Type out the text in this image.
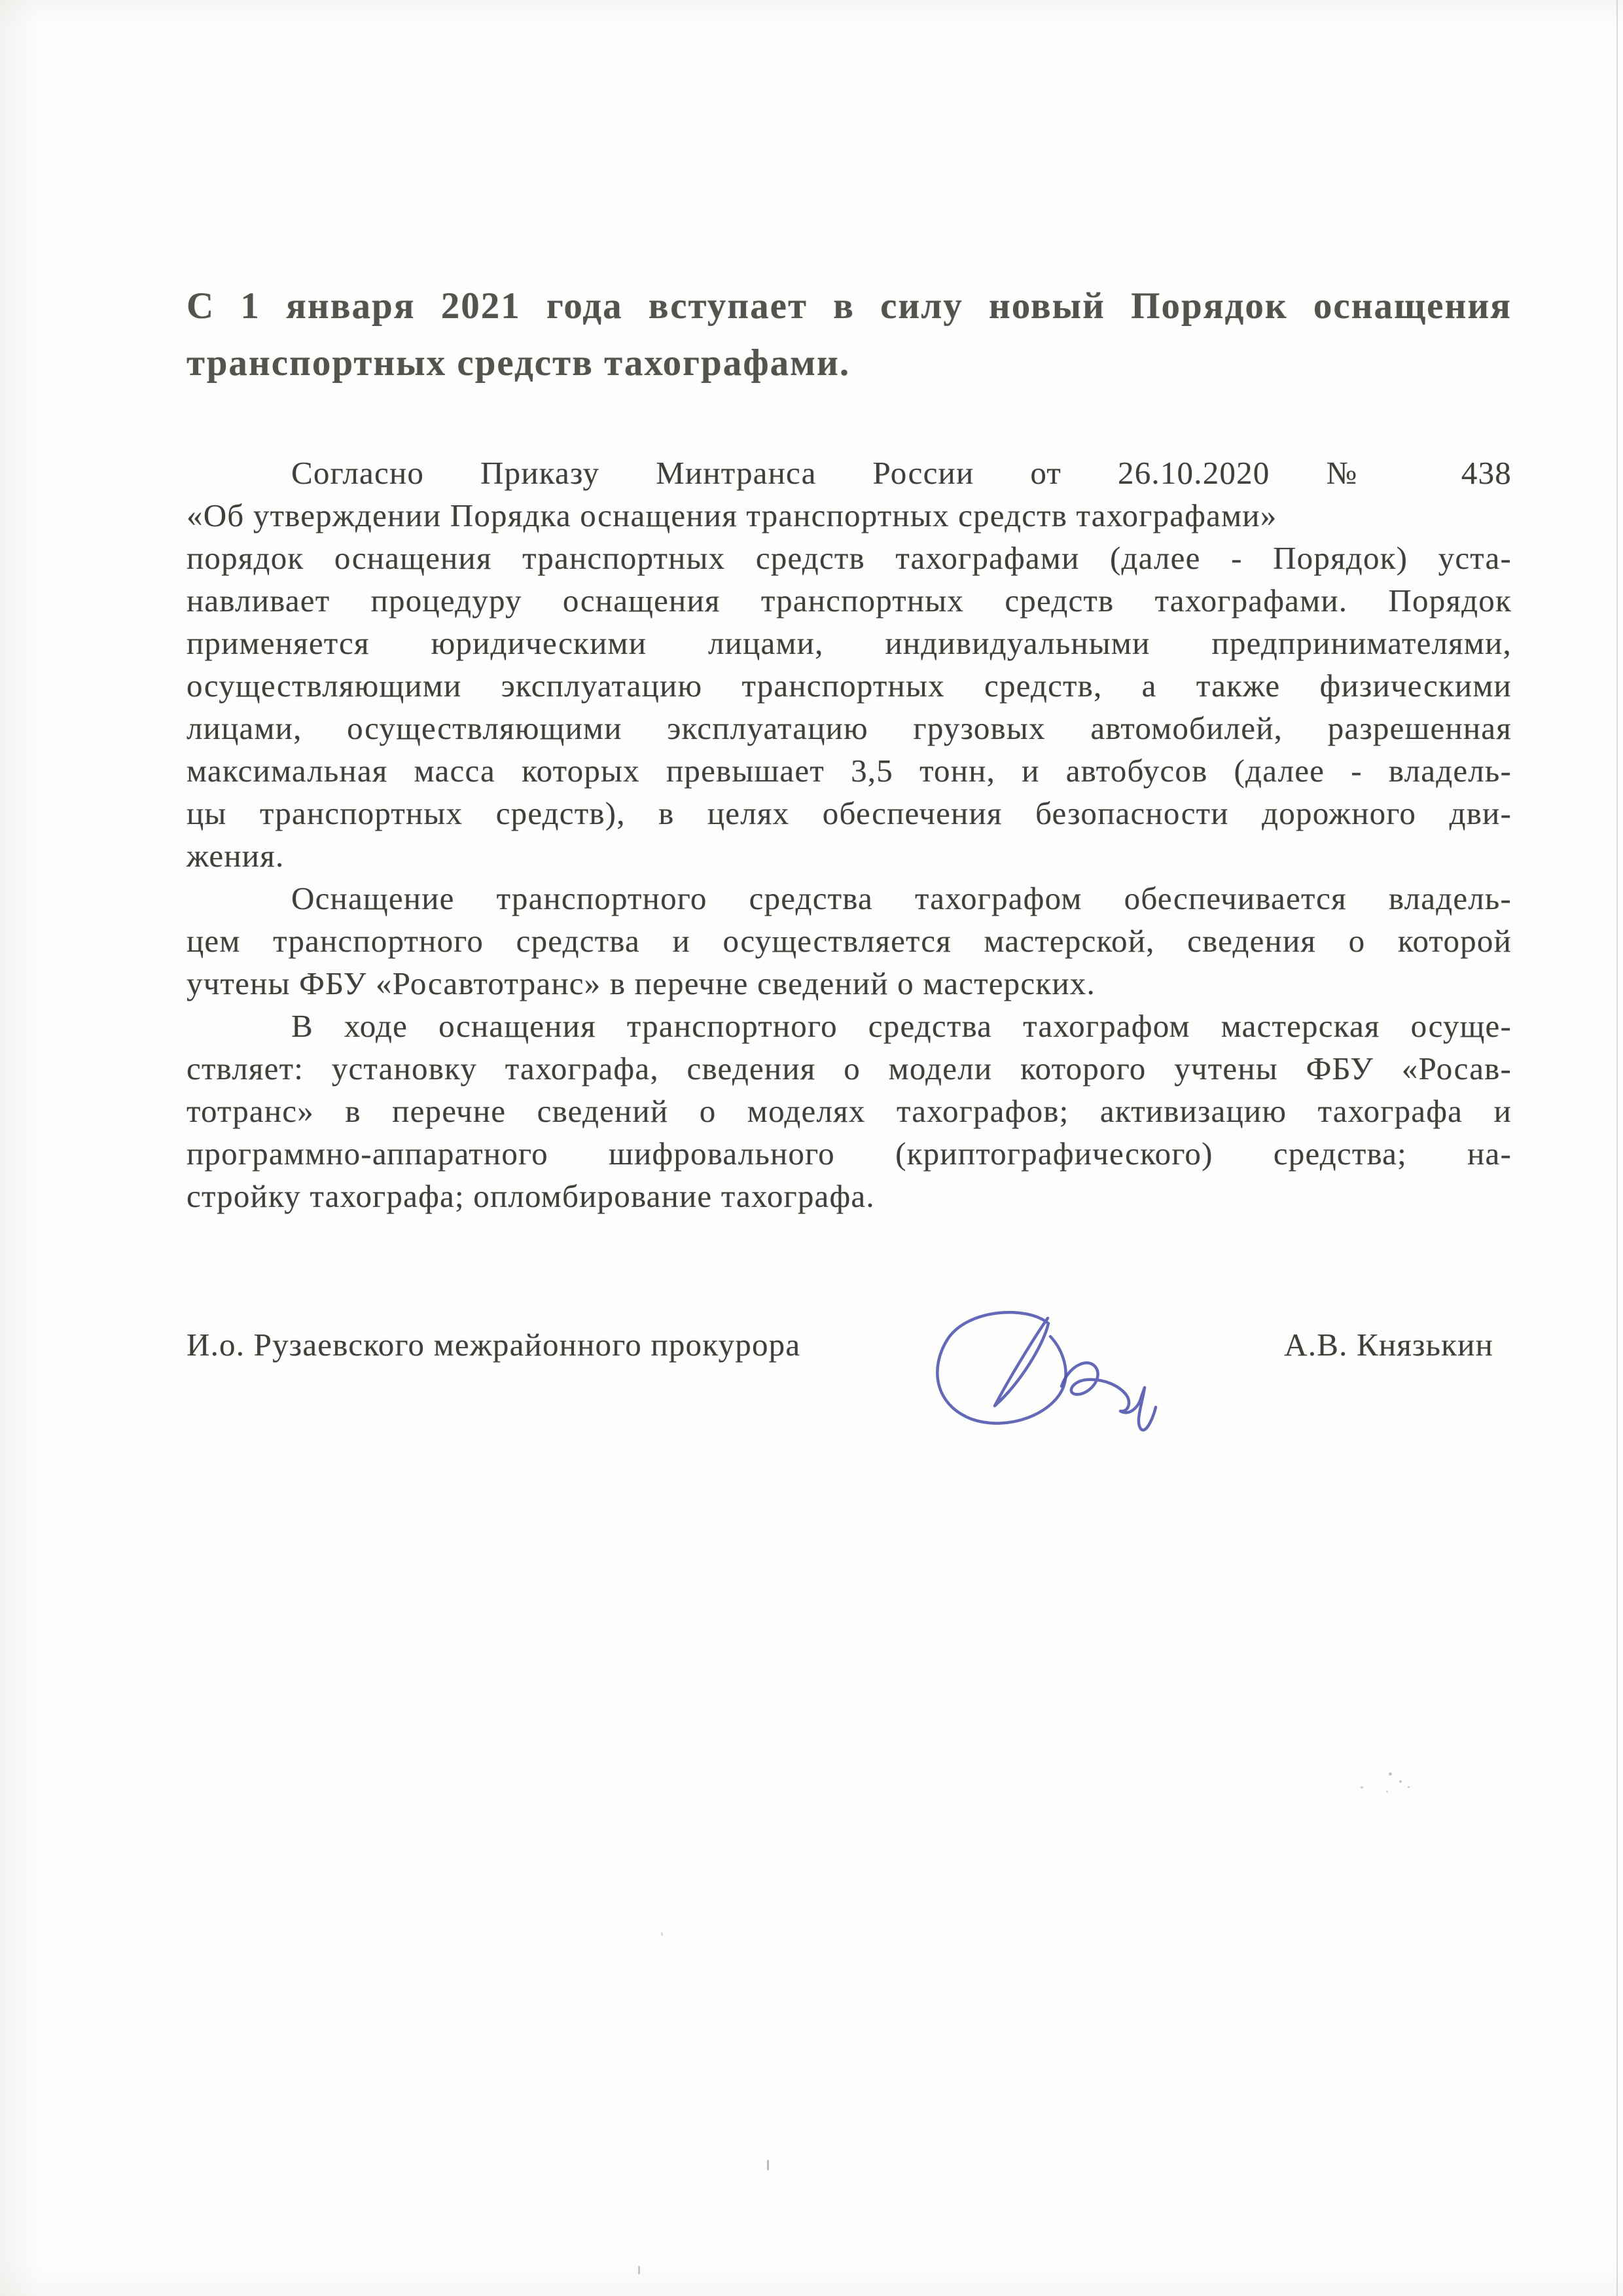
С 1 января 2021 года вступает в силу новый Порядок оснащения
транспортных средств тахографами.
Согласно Приказу Минтранса России от 26.10.2020 № 438
«Об утверждении Порядка оснащения транспортных средств тахографами»
порядок оснащения транспортных средств тахографами (далее - Порядок) уста-
навливает процедуру оснащения транспортных средств тахографами. Порядок
применяется юридическими лицами, индивидуальными предпринимателями,
осуществляющими эксплуатацию транспортных средств, а также физическими
лицами, осуществляющими эксплуатацию грузовых автомобилей, разрешенная
максимальная масса которых превышает 3,5 тонн, и автобусов (далее - владель-
цы транспортных средств), в целях обеспечения безопасности дорожного дви-
жения.
Оснащение транспортного средства тахографом обеспечивается владель-
цем транспортного средства и осуществляется мастерской, сведения о которой
учтены ФБУ «Росавтотранс» в перечне сведений о мастерских.
В ходе оснащения транспортного средства тахографом мастерская осуще-
ствляет: установку тахографа, сведения о модели которого учтены ФБУ «Росав-
тотранс» в перечне сведений о моделях тахографов; активизацию тахографа и
программно-аппаратного шифровального (криптографического) средства; на-
стройку тахографа; опломбирование тахографа.
И.о. Рузаевского межрайонного прокурора	А.В. Князькин
